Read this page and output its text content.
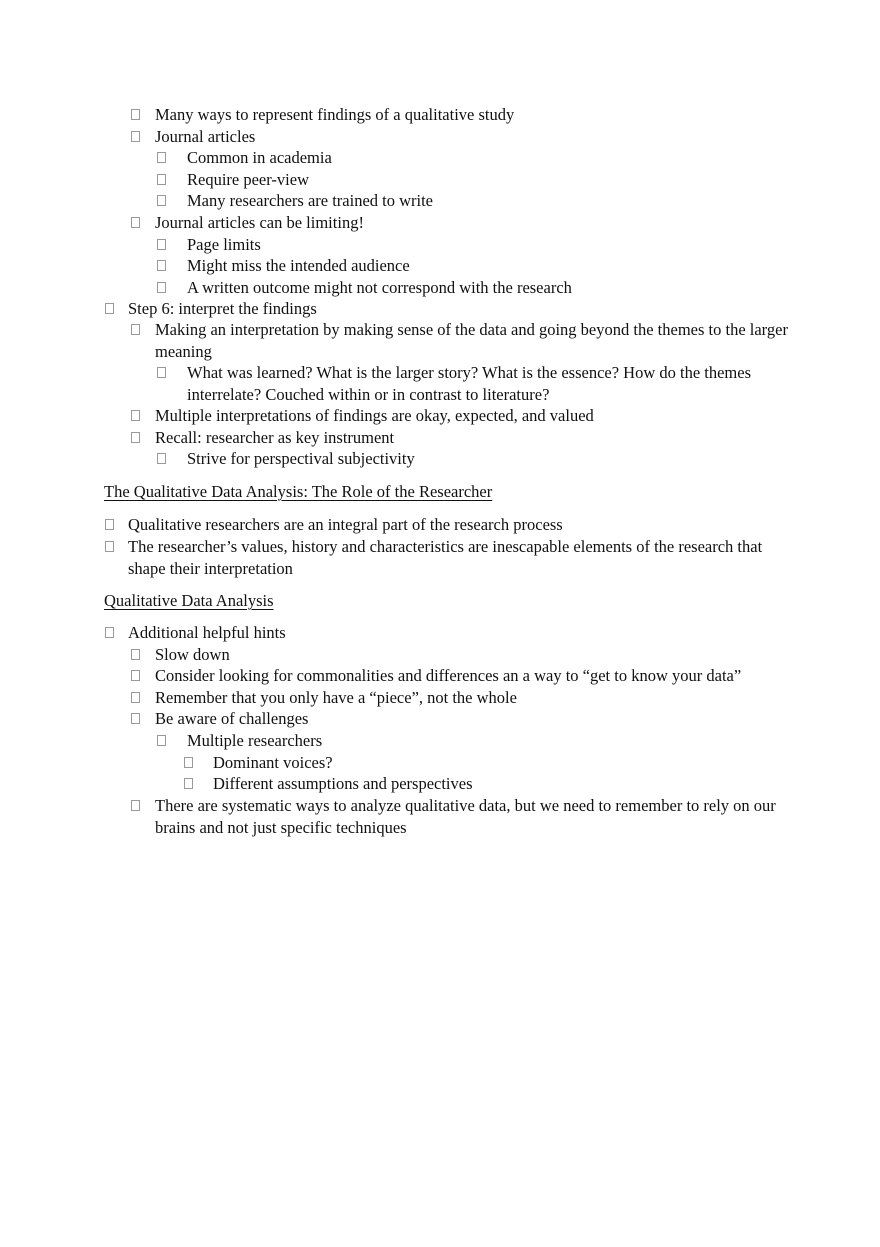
Many ways to represent findings of a qualitative study
Journal articles
Common in academia
Require peer-view
Many researchers are trained to write
Journal articles can be limiting!
Page limits
Might miss the intended audience
A written outcome might not correspond with the research
Step 6: interpret the findings
Making an interpretation by making sense of the data and going beyond the themes to the larger meaning
What was learned? What is the larger story? What is the essence? How do the themes interrelate? Couched within or in contrast to literature?
Multiple interpretations of findings are okay, expected, and valued
Recall: researcher as key instrument
Strive for perspectival subjectivity
The Qualitative Data Analysis: The Role of the Researcher
Qualitative researchers are an integral part of the research process
The researcher’s values, history and characteristics are inescapable elements of the research that shape their interpretation
Qualitative Data Analysis
Additional helpful hints
Slow down
Consider looking for commonalities and differences an a way to “get to know your data”
Remember that you only have a “piece”, not the whole
Be aware of challenges
Multiple researchers
Dominant voices?
Different assumptions and perspectives
There are systematic ways to analyze qualitative data, but we need to remember to rely on our brains and not just specific techniques
